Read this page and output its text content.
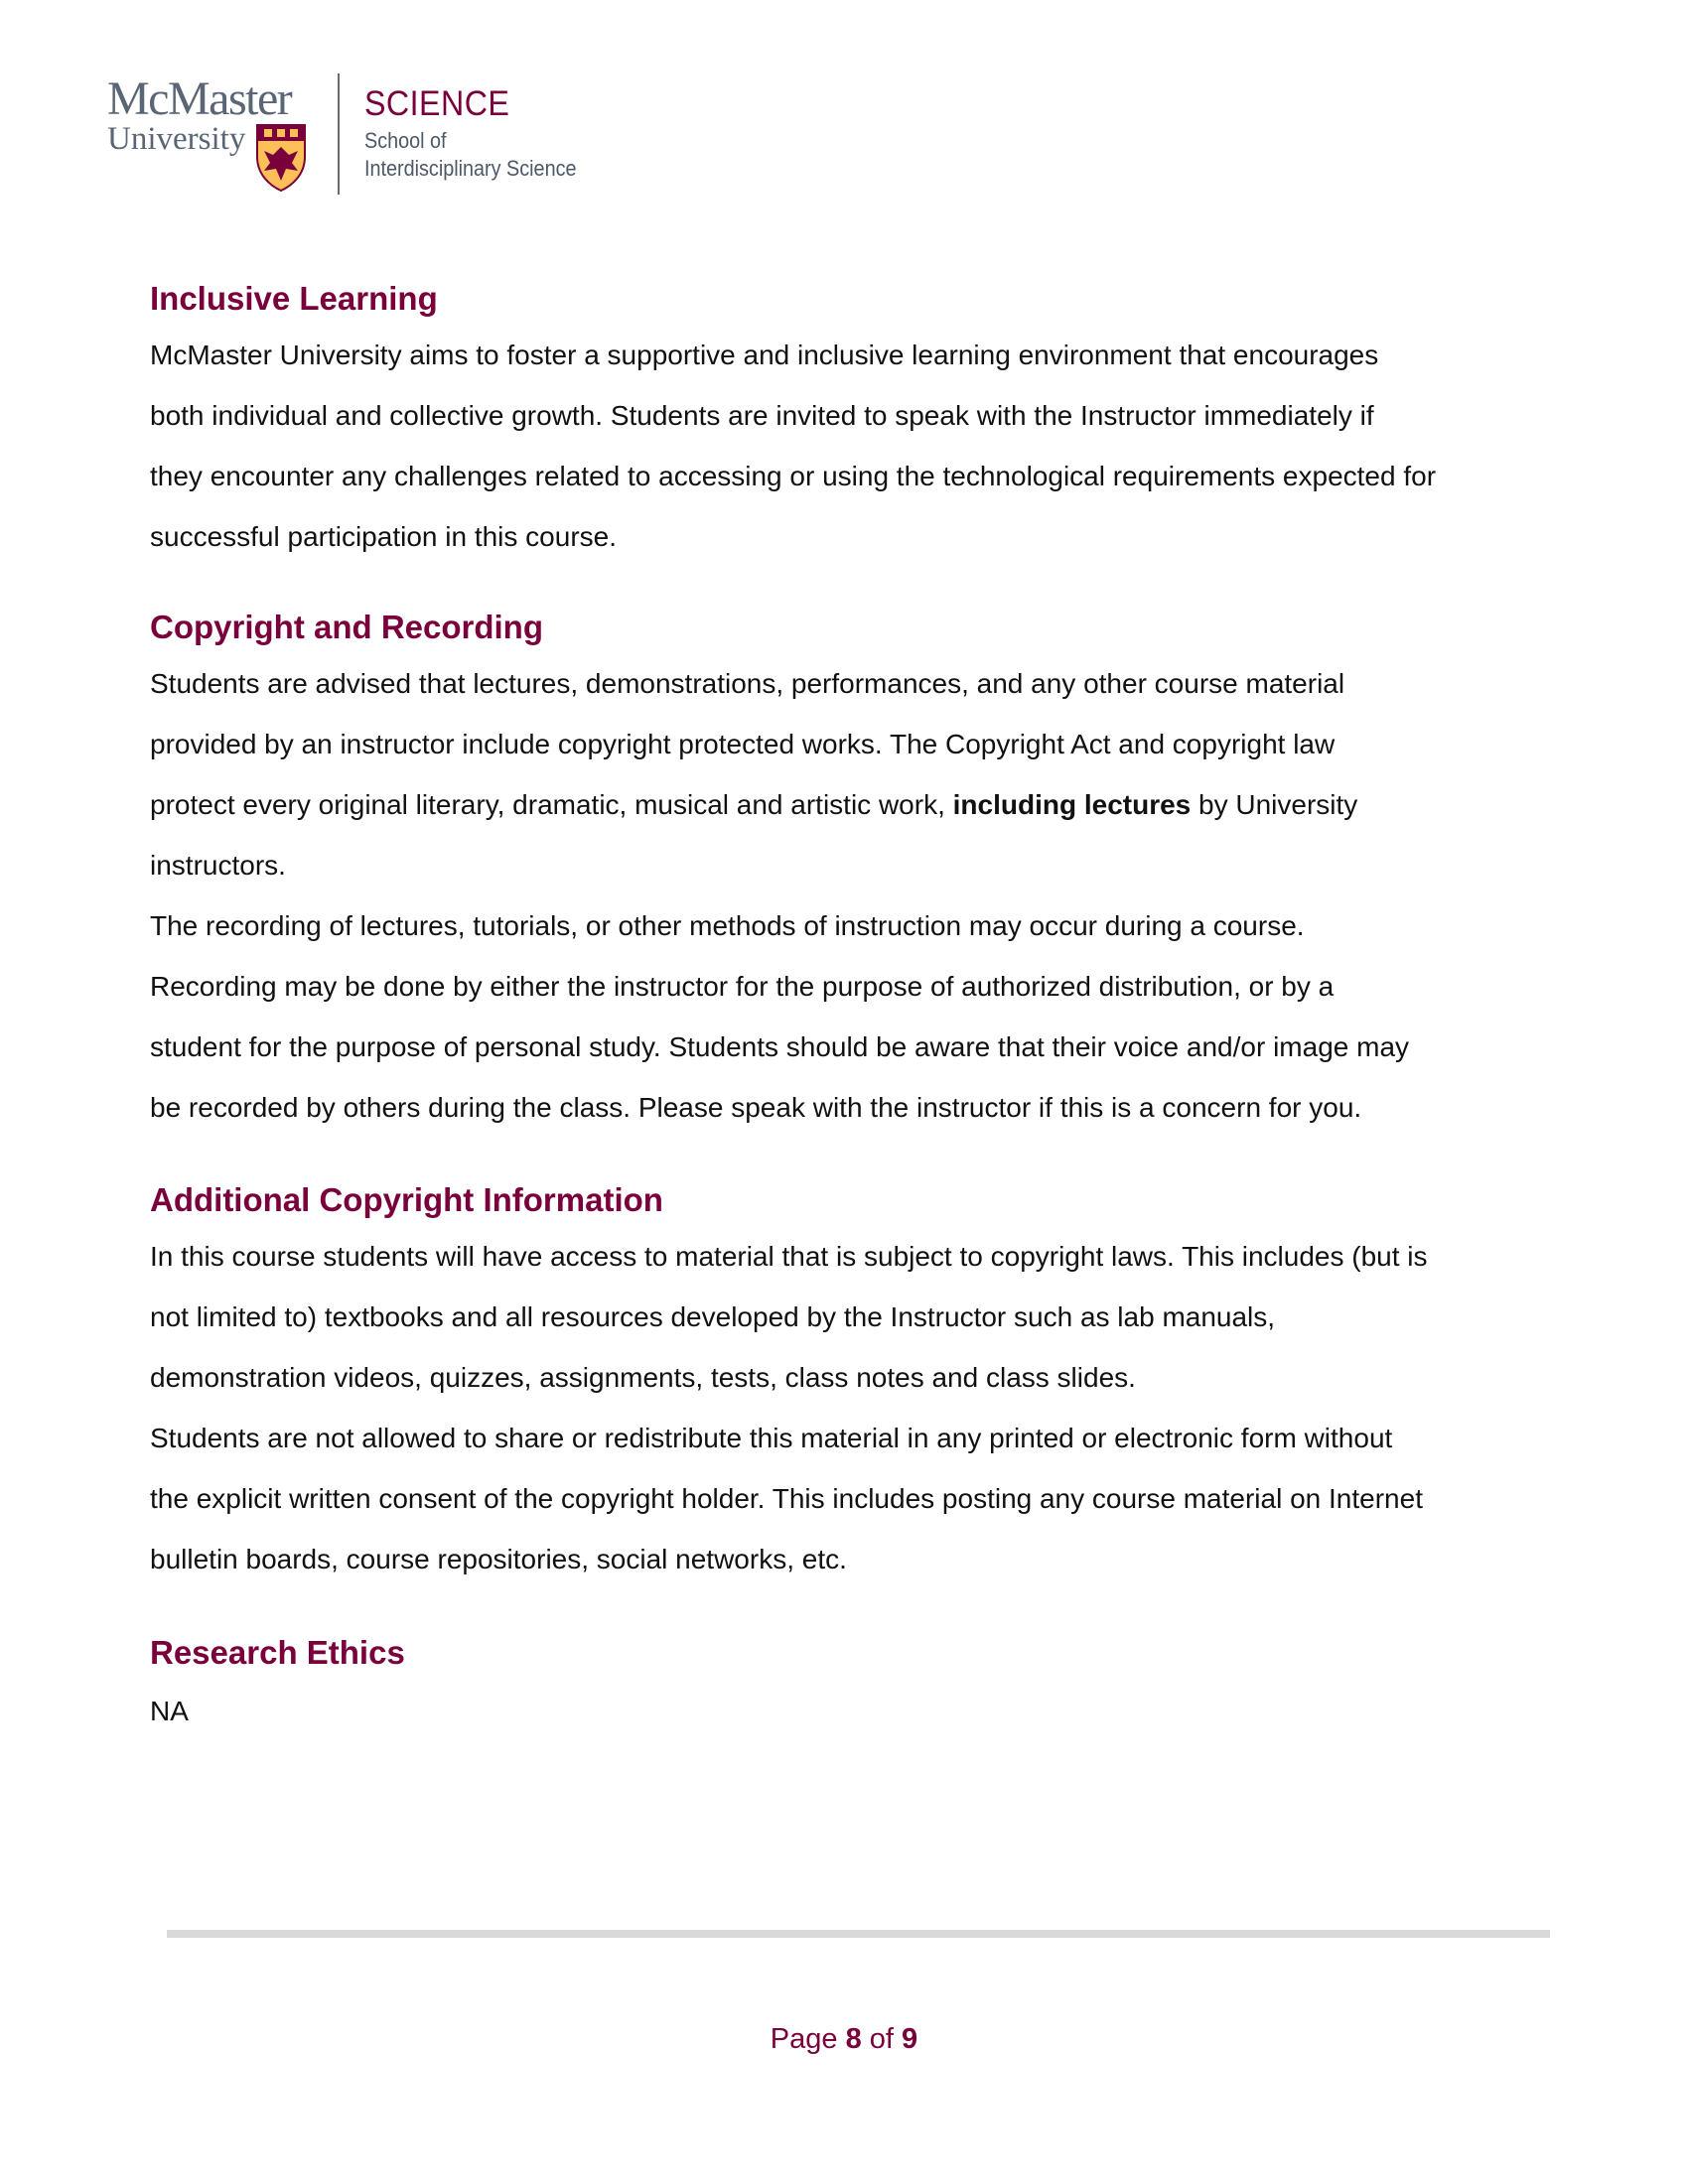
McMaster
University
SCIENCE
School of
Interdisciplinary Science
Inclusive Learning

McMaster University aims to foster a supportive and inclusive learning environment that encourages

both individual and collective growth. Students are invited to speak with the Instructor immediately if

they encounter any challenges related to accessing or using the technological requirements expected for

successful participation in this course.

Copyright and Recording

Students are advised that lectures, demonstrations, performances, and any other course material

provided by an instructor include copyright protected works. The Copyright Act and copyright law

protect every original literary, dramatic, musical and artistic work, including lectures by University

instructors.

The recording of lectures, tutorials, or other methods of instruction may occur during a course.

Recording may be done by either the instructor for the purpose of authorized distribution, or by a

student for the purpose of personal study. Students should be aware that their voice and/or image may

be recorded by others during the class. Please speak with the instructor if this is a concern for you.

Additional Copyright Information

In this course students will have access to material that is subject to copyright laws. This includes (but is

not limited to) textbooks and all resources developed by the Instructor such as lab manuals,

demonstration videos, quizzes, assignments, tests, class notes and class slides.

Students are not allowed to share or redistribute this material in any printed or electronic form without

the explicit written consent of the copyright holder. This includes posting any course material on Internet

bulletin boards, course repositories, social networks, etc.

Research Ethics

NA

Page 8 of 9
